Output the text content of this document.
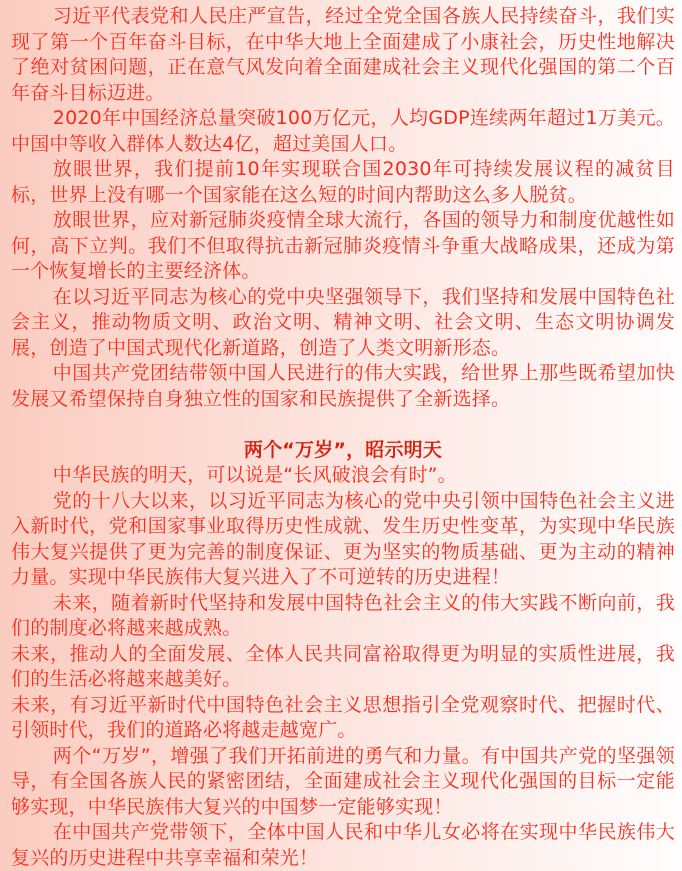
习近平代表党和人民庄严宣告，经过全党全国各族人民持续奋斗，我们实现了第一个百年奋斗目标，在中华大地上全面建成了小康社会，历史性地解决了绝对贫困问题，正在意气风发向着全面建成社会主义现代化强国的第二个百年奋斗目标迈进。

2020年中国经济总量突破100万亿元，人均GDP连续两年超过1万美元。中国中等收入群体人数达4亿，超过美国人口。

放眼世界，我们提前10年实现联合国2030年可持续发展议程的减贫目标，世界上没有哪一个国家能在这么短的时间内帮助这么多人脱贫。

放眼世界，应对新冠肺炎疫情全球大流行，各国的领导力和制度优越性如何，高下立判。我们不但取得抗击新冠肺炎疫情斗争重大战略成果，还成为第一个恢复增长的主要经济体。

在以习近平同志为核心的党中央坚强领导下，我们坚持和发展中国特色社会主义，推动物质文明、政治文明、精神文明、社会文明、生态文明协调发展，创造了中国式现代化新道路，创造了人类文明新形态。

中国共产党团结带领中国人民进行的伟大实践，给世界上那些既希望加快发展又希望保持自身独立性的国家和民族提供了全新选择。

两个“万岁”，昭示明天

中华民族的明天，可以说是“长风破浪会有时”。

党的十八大以来，以习近平同志为核心的党中央引领中国特色社会主义进入新时代，党和国家事业取得历史性成就、发生历史性变革，为实现中华民族伟大复兴提供了更为完善的制度保证、更为坚实的物质基础、更为主动的精神力量。实现中华民族伟大复兴进入了不可逆转的历史进程！

未来，随着新时代坚持和发展中国特色社会主义的伟大实践不断向前，我们的制度必将越来越成熟。

未来，推动人的全面发展、全体人民共同富裕取得更为明显的实质性进展，我们的生活必将越来越美好。

未来，有习近平新时代中国特色社会主义思想指引全党观察时代、把握时代、引领时代，我们的道路必将越走越宽广。

两个“万岁”，增强了我们开拓前进的勇气和力量。有中国共产党的坚强领导，有全国各族人民的紧密团结，全面建成社会主义现代化强国的目标一定能够实现，中华民族伟大复兴的中国梦一定能够实现！

在中国共产党带领下，全体中国人民和中华儿女必将在实现中华民族伟大复兴的历史进程中共享幸福和荣光！
